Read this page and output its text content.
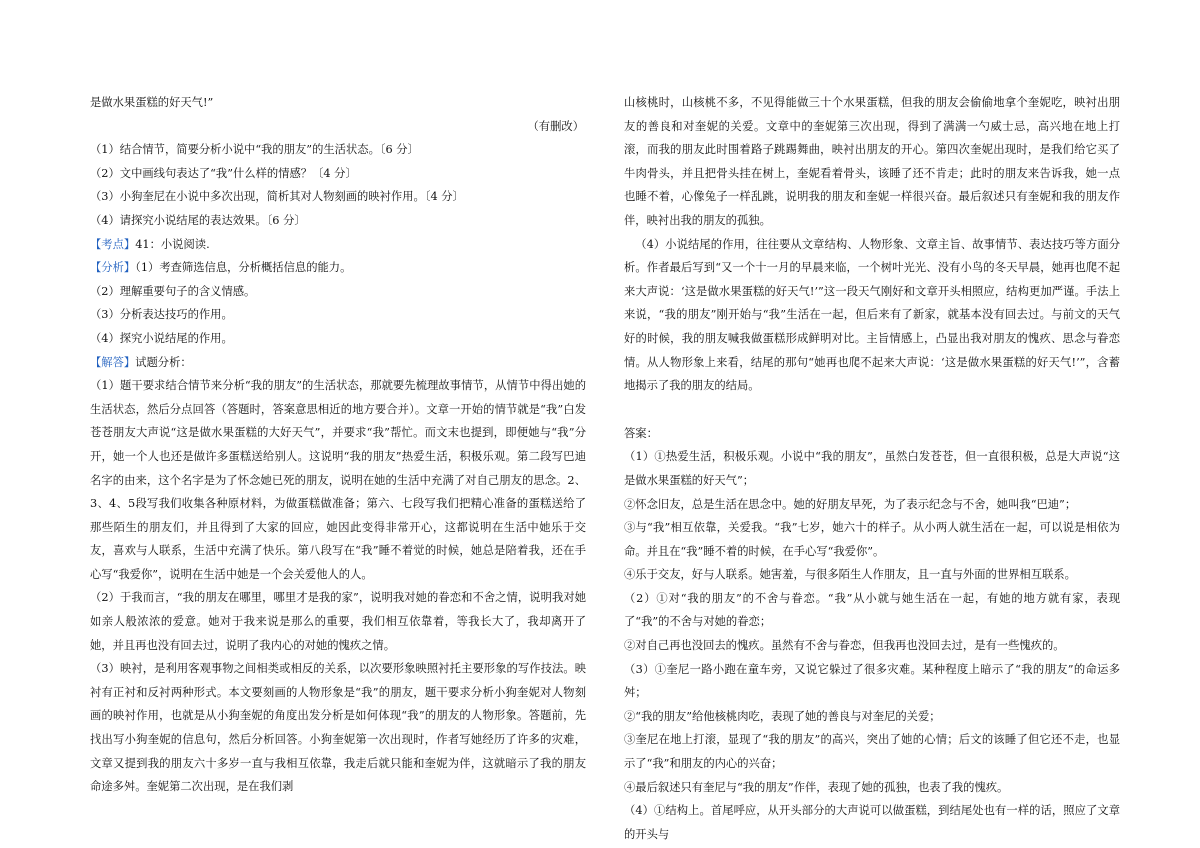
是做水果蛋糕的好天气!”

（有删改）

（1）结合情节，简要分析小说中“我的朋友”的生活状态。〔6 分〕

（2）文中画线句表达了“我”什么样的情感？〔4 分〕

（3）小狗奎尼在小说中多次出现，简析其对人物刻画的映衬作用。〔4 分〕

（4）请探究小说结尾的表达效果。〔6 分〕

【考点】41：小说阅读.

【分析】（1）考查筛选信息，分析概括信息的能力。

（2）理解重要句子的含义情感。

（3）分析表达技巧的作用。

（4）探究小说结尾的作用。

【解答】试题分析：

（1）题干要求结合情节来分析“我的朋友”的生活状态，那就要先梳理故事情节，从情节中得出她的生活状态，然后分点回答（答题时，答案意思相近的地方要合并）。文章一开始的情节就是“我”白发苍苍朋友大声说“这是做水果蛋糕的大好天气”，并要求“我”帮忙。而文末也提到，即便她与“我”分开，她一个人也还是做许多蛋糕送给别人。这说明“我的朋友”热爱生活，积极乐观。第二段写巴迪名字的由来，这个名字是为了怀念她已死的朋友，说明在她的生活中充满了对自己朋友的思念。2、3、4、5段写我们收集各种原材料，为做蛋糕做准备；第六、七段写我们把精心准备的蛋糕送给了那些陌生的朋友们，并且得到了大家的回应，她因此变得非常开心，这都说明在生活中她乐于交友，喜欢与人联系，生活中充满了快乐。第八段写在“我”睡不着觉的时候，她总是陪着我，还在手心写“我爱你”，说明在生活中她是一个会关爱他人的人。

（2）于我而言，“我的朋友在哪里，哪里才是我的家”，说明我对她的眷恋和不舍之情，说明我对她如亲人般浓浓的爱意。她对于我来说是那么的重要，我们相互依靠着，等我长大了，我却离开了她，并且再也没有回去过，说明了我内心的对她的愧疚之情。

（3）映衬，是利用客观事物之间相类或相反的关系，以次要形象映照衬托主要形象的写作技法。映衬有正衬和反衬两种形式。本文要刻画的人物形象是“我”的朋友，题干要求分析小狗奎妮对人物刻画的映衬作用，也就是从小狗奎妮的角度出发分析是如何体现“我”的朋友的人物形象。答题前，先找出写小狗奎妮的信息句，然后分析回答。小狗奎妮第一次出现时，作者写她经历了许多的灾难，文章又提到我的朋友六十多岁一直与我相互依靠，我走后就只能和奎妮为伴，这就暗示了我的朋友命途多舛。奎妮第二次出现，是在我们剥

山核桃时，山核桃不多，不见得能做三十个水果蛋糕，但我的朋友会偷偷地拿个奎妮吃，映衬出朋友的善良和对奎妮的关爱。文章中的奎妮第三次出现，得到了满满一勺威士忌，高兴地在地上打滚，而我的朋友此时围着路子跳踢舞曲，映衬出朋友的开心。第四次奎妮出现时，是我们给它买了牛肉骨头，并且把骨头挂在树上，奎妮看着骨头，该睡了还不肯走；此时的朋友来告诉我，她一点也睡不着，心像兔子一样乱跳，说明我的朋友和奎妮一样很兴奋。最后叙述只有奎妮和我的朋友作伴，映衬出我的朋友的孤独。

（4）小说结尾的作用，往往要从文章结构、人物形象、文章主旨、故事情节、表达技巧等方面分析。作者最后写到“又一个十一月的早晨来临，一个树叶光光、没有小鸟的冬天早晨，她再也爬不起来大声说：‘这是做水果蛋糕的好天气!’”这一段天气刚好和文章开头相照应，结构更加严谨。手法上来说，“我的朋友”刚开始与“我”生活在一起，但后来有了新家，就基本没有回去过。与前文的天气好的时候，我的朋友喊我做蛋糕形成鲜明对比。主旨情感上，凸显出我对朋友的愧疚、思念与眷恋情。从人物形象上来看，结尾的那句“她再也爬不起来大声说：‘这是做水果蛋糕的好天气!’”，含蓄地揭示了我的朋友的结局。

答案：

（1）①热爱生活，积极乐观。小说中“我的朋友”，虽然白发苍苍，但一直很积极，总是大声说“这是做水果蛋糕的好天气”；

②怀念旧友，总是生活在思念中。她的好朋友早死，为了表示纪念与不舍，她叫我“巴迪”；

③与“我”相互依靠，关爱我。“我”七岁，她六十的样子。从小两人就生活在一起，可以说是相依为命。并且在“我”睡不着的时候，在手心写“我爱你”。

④乐于交友，好与人联系。她害羞，与很多陌生人作朋友，且一直与外面的世界相互联系。

（2）①对“我的朋友”的不舍与眷恋。“我”从小就与她生活在一起，有她的地方就有家，表现了“我”的不舍与对她的眷恋；

②对自己再也没回去的愧疚。虽然有不舍与眷恋，但我再也没回去过，是有一些愧疚的。

（3）①奎尼一路小跑在童车旁，又说它躲过了很多灾难。某种程度上暗示了“我的朋友”的命运多舛；

②“我的朋友”给他核桃肉吃，表现了她的善良与对奎尼的关爱；

③奎尼在地上打滚，显现了“我的朋友”的高兴，突出了她的心情；后文的该睡了但它还不走，也显示了“我”和朋友的内心的兴奋；

④最后叙述只有奎尼与“我的朋友”作伴，表现了她的孤独，也表了我的愧疚。

（4）①结构上。首尾呼应，从开头部分的大声说可以做蛋糕，到结尾处也有一样的话，照应了文章的开头与
